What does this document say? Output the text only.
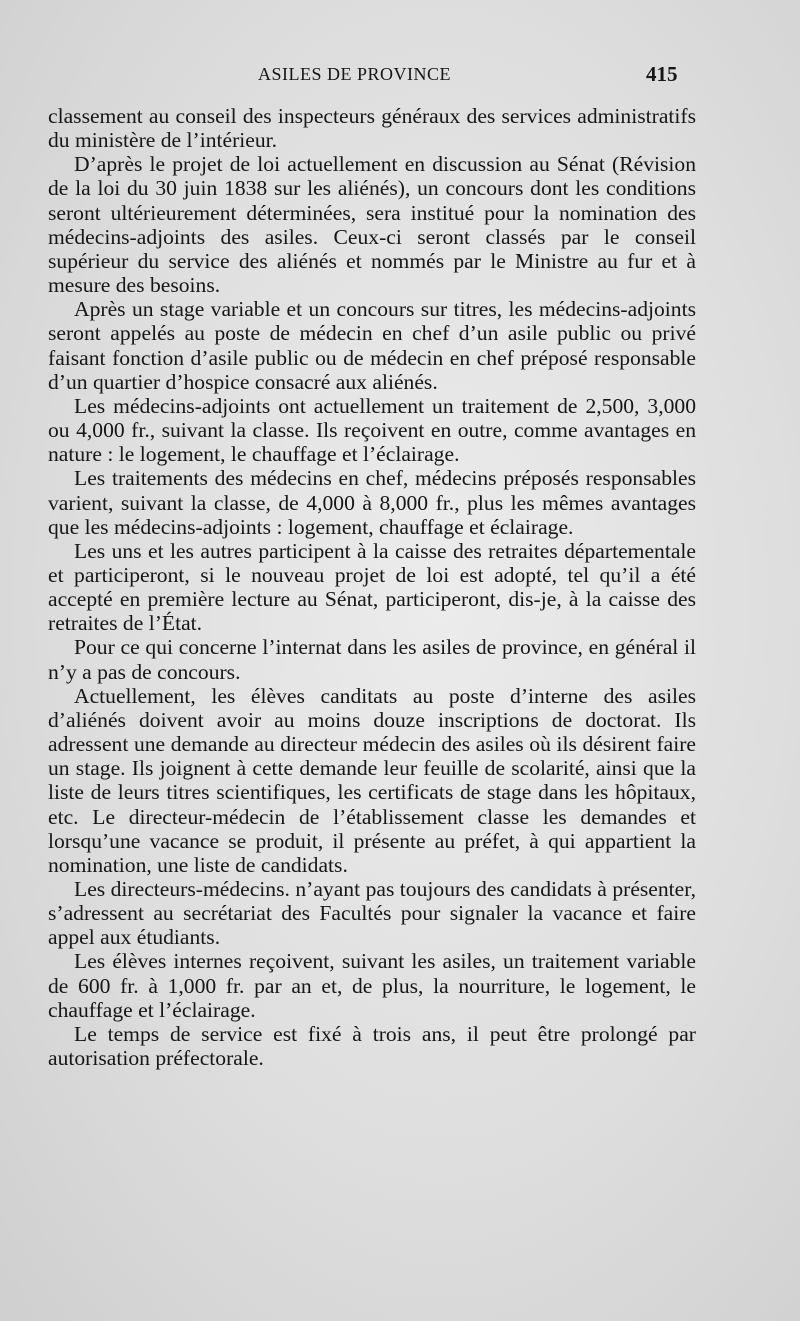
ASILES DE PROVINCE	415

classement au conseil des inspecteurs généraux des services administratifs du ministère de l’intérieur.

D’après le projet de loi actuellement en discussion au Sénat (Révision de la loi du 30 juin 1838 sur les aliénés), un concours dont les conditions seront ultérieurement déterminées, sera institué pour la nomination des médecins-adjoints des asiles. Ceux-ci seront classés par le conseil supérieur du service des aliénés et nommés par le Ministre au fur et à mesure des besoins.

Après un stage variable et un concours sur titres, les médecins-adjoints seront appelés au poste de médecin en chef d’un asile public ou privé faisant fonction d’asile public ou de médecin en chef préposé responsable d’un quartier d’hospice consacré aux aliénés.

Les médecins-adjoints ont actuellement un traitement de 2,500, 3,000 ou 4,000 fr., suivant la classe. Ils reçoivent en outre, comme avantages en nature : le logement, le chauffage et l’éclairage.

Les traitements des médecins en chef, médecins préposés responsables varient, suivant la classe, de 4,000 à 8,000 fr., plus les mêmes avantages que les médecins-adjoints : logement, chauffage et éclairage.

Les uns et les autres participent à la caisse des retraites départementale et participeront, si le nouveau projet de loi est adopté, tel qu’il a été accepté en première lecture au Sénat, participeront, dis-je, à la caisse des retraites de l’État.

Pour ce qui concerne l’internat dans les asiles de province, en général il n’y a pas de concours.

Actuellement, les élèves canditats au poste d’interne des asiles d’aliénés doivent avoir au moins douze inscriptions de doctorat. Ils adressent une demande au directeur médecin des asiles où ils désirent faire un stage. Ils joignent à cette demande leur feuille de scolarité, ainsi que la liste de leurs titres scientifiques, les certificats de stage dans les hôpitaux, etc. Le directeur-médecin de l’établissement classe les demandes et lorsqu’une vacance se produit, il présente au préfet, à qui appartient la nomination, une liste de candidats.

Les directeurs-médecins. n’ayant pas toujours des candidats à présenter, s’adressent au secrétariat des Facultés pour signaler la vacance et faire appel aux étudiants.

Les élèves internes reçoivent, suivant les asiles, un traitement variable de 600 fr. à 1,000 fr. par an et, de plus, la nourriture, le logement, le chauffage et l’éclairage.

Le temps de service est fixé à trois ans, il peut être prolongé par autorisation préfectorale.
